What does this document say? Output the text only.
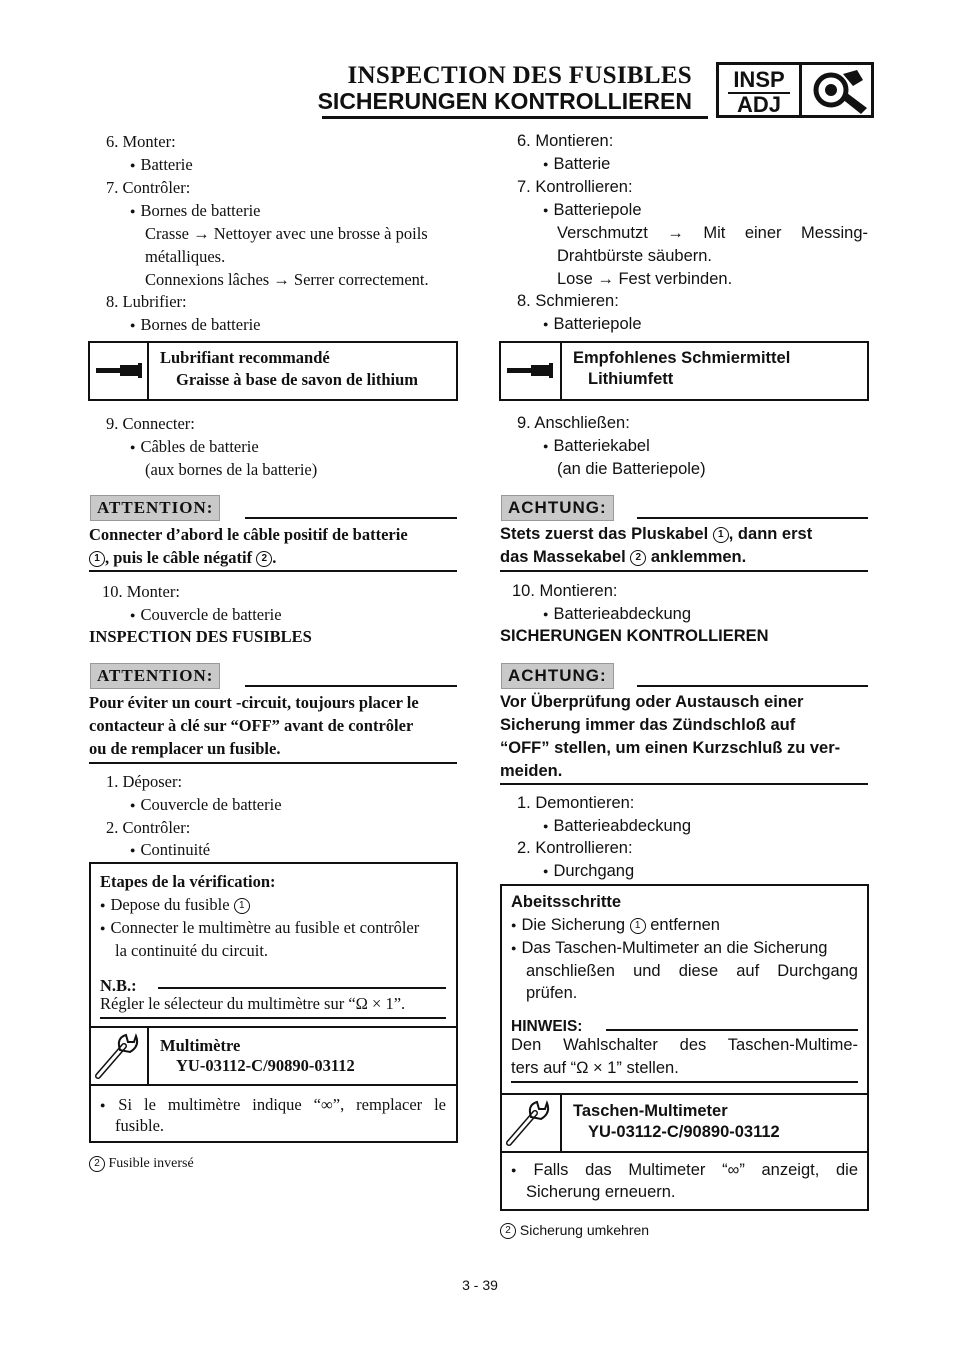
INSPECTION DES FUSIBLES
SICHERUNGEN KONTROLLIEREN
INSP
ADJ
6. Monter:
● Batterie
7. Contrôler:
● Bornes de batterie
Crasse → Nettoyer avec une brosse à poils
métalliques.
Connexions lâches → Serrer correctement.
8. Lubrifier:
● Bornes de batterie
Lubrifiant recommandé
Graisse à base de savon de lithium
9. Connecter:
● Câbles de batterie
(aux bornes de la batterie)
ATTENTION:
Connecter d’abord le câble positif de batterie
1 , puis le câble négatif 2 .
10. Monter:
● Couvercle de batterie
INSPECTION DES FUSIBLES
ATTENTION:
Pour éviter un court -circuit, toujours placer le
contacteur à clé sur “OFF” avant de contrôler
ou de remplacer un fusible.
1. Déposer:
● Couvercle de batterie
2. Contrôler:
● Continuité
Etapes de la vérification:
● Depose du fusible 1
● Connecter le multimètre au fusible et contrôler
la continuité du circuit.
N.B.:
Régler le sélecteur du multimètre sur “Ω × 1”.
Multimètre
YU-03112-C/90890-03112
● Si le multimètre indique “∞”, remplacer le
fusible.
2 Fusible inversé
6. Montieren:
● Batterie
7. Kontrollieren:
● Batteriepole
Verschmutzt → Mit einer Messing-
Drahtbürste säubern.
Lose → Fest verbinden.
8. Schmieren:
● Batteriepole
Empfohlenes Schmiermittel
Lithiumfett
9. Anschließen:
● Batteriekabel
(an die Batteriepole)
ACHTUNG:
Stets zuerst das Pluskabel 1 , dann erst
das Massekabel 2 anklemmen.
10. Montieren:
● Batterieabdeckung
SICHERUNGEN KONTROLLIEREN
ACHTUNG:
Vor Überprüfung oder Austausch einer
Sicherung immer das Zündschloß auf
“OFF” stellen, um einen Kurzschluß zu ver-
meiden.
1. Demontieren:
● Batterieabdeckung
2. Kontrollieren:
● Durchgang
Abeitsschritte
● Die Sicherung 1 entfernen
● Das Taschen-Multimeter an die Sicherung
anschließen und diese auf Durchgang
prüfen.
HINWEIS:
Den Wahlschalter des Taschen-Multime-
ters auf “Ω × 1” stellen.
Taschen-Multimeter
YU-03112-C/90890-03112
● Falls das Multimeter “∞” anzeigt, die
Sicherung erneuern.
2 Sicherung umkehren
3 - 39
